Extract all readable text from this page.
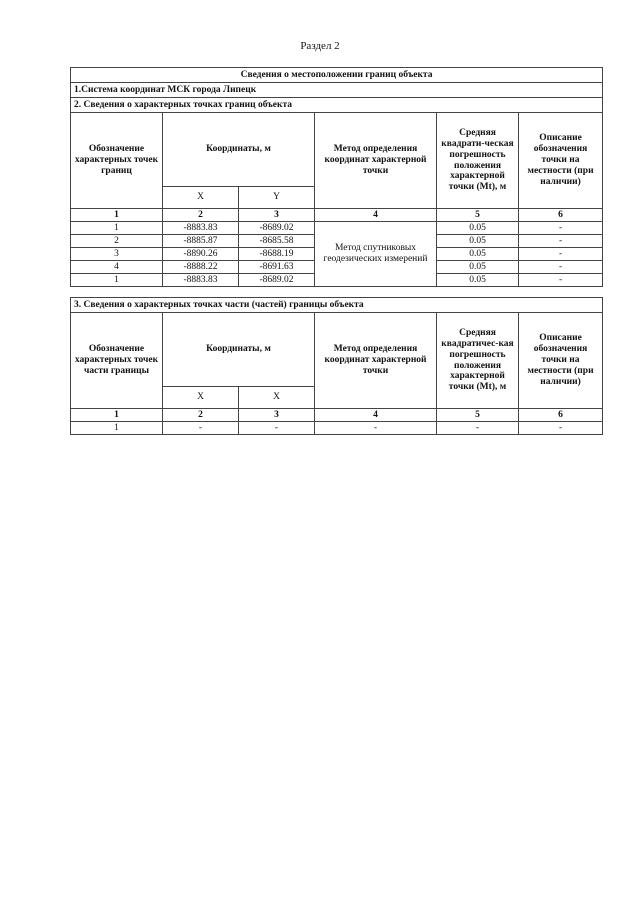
Раздел 2
Сведения о местоположении границ объекта					
1.Система координат МСК города Липецк					
2. Сведения о характерных точках границ объекта					
Обозначение характерных точек границ	Координаты, м		Метод определения координат характерной точки	Средняя квадрати-ческая погрешность положения характерной точки (Mt), м	Описание обозначения точки на местности (при наличии)
	X	Y			
1	2	3	4	5	6
1	-8883.83	-8689.02	Метод спутниковых геодезических измерений	0.05	-
2	-8885.87	-8685.58		0.05	-
3	-8890.26	-8688.19		0.05	-
4	-8888.22	-8691.63		0.05	-
1	-8883.83	-8689.02		0.05	-
3. Сведения о характерных точках части (частей) границы объекта					
Обозначение характерных точек части границы	Координаты, м		Метод определения координат характерной точки	Средняя квадратичес-кая погрешность положения характерной точки (Mt), м	Описание обозначения точки на местности (при наличии)
	X	X			
1	2	3	4	5	6
1	-	-	-	-	-
